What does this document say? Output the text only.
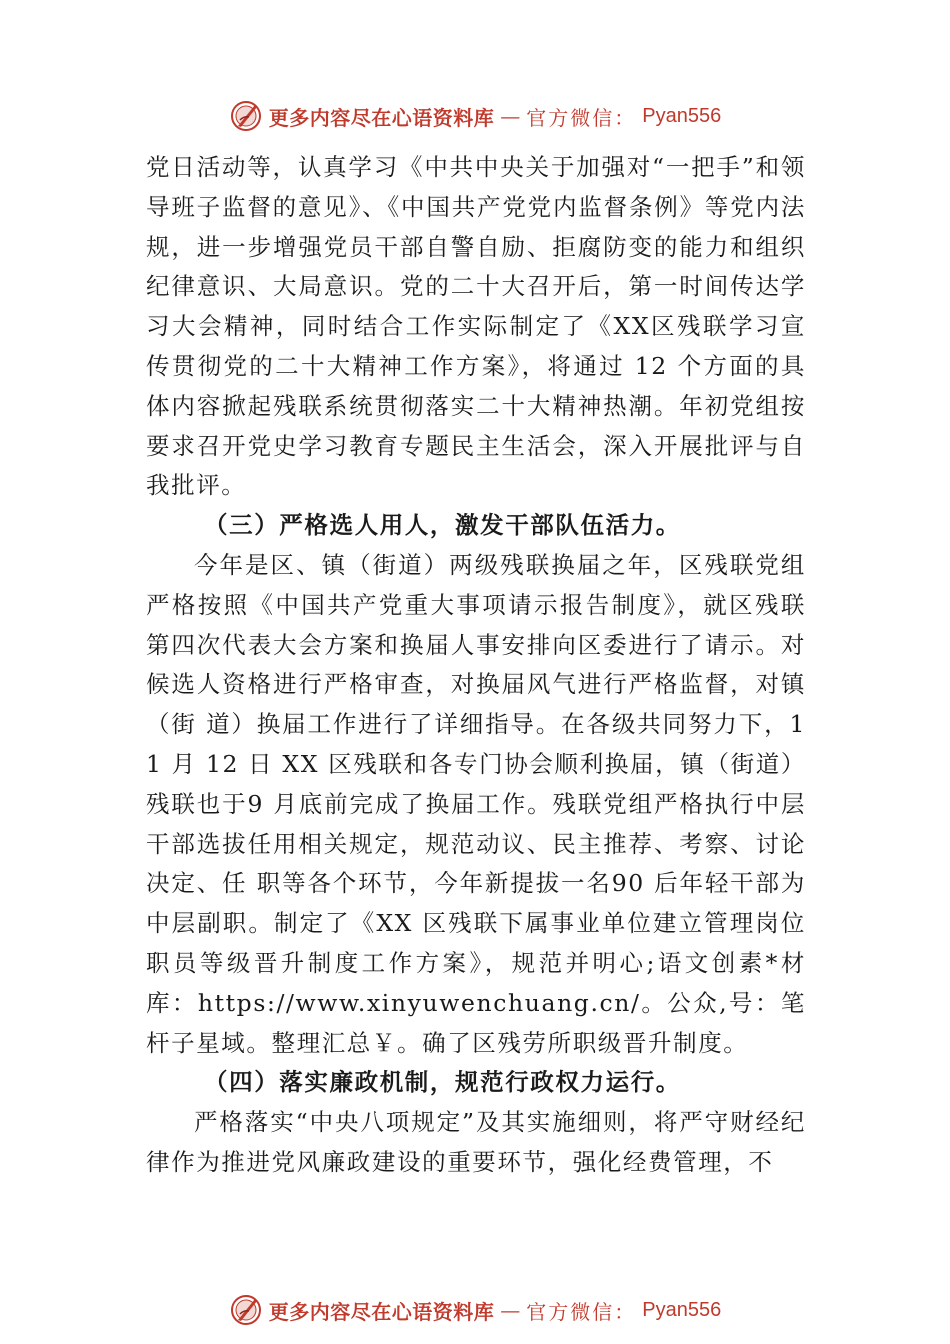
更多内容尽在心语资料库 — 官方微信： Pyan556

党日活动等，认真学习《中共中央关于加强对“一把手”和领导班子监督的意见》、《中国共产党党内监督条例》等党内法规，进一步增强党员干部自警自励、拒腐防变的能力和组织纪律意识、大局意识。党的二十大召开后，第一时间传达学习大会精神，同时结合工作实际制定了《XX区残联学习宣传贯彻党的二十大精神工作方案》，将通过 12 个方面的具体内容掀起残联系统贯彻落实二十大精神热潮。年初党组按要求召开党史学习教育专题民主生活会，深入开展批评与自我批评。

（三）严格选人用人，激发干部队伍活力。

今年是区、镇（街道）两级残联换届之年，区残联党组严格按照《中国共产党重大事项请示报告制度》，就区残联第四次代表大会方案和换届人事安排向区委进行了请示。对候选人资格进行严格审查，对换届风气进行严格监督，对镇（街 道）换届工作进行了详细指导。在各级共同努力下，11 月 12 日 XX 区残联和各专门协会顺利换届，镇（街道）残联也于9 月底前完成了换届工作。残联党组严格执行中层干部选拔任用相关规定，规范动议、民主推荐、考察、讨论决定、任 职等各个环节，今年新提拔一名90 后年轻干部为中层副职。制定了《XX 区残联下属事业单位建立管理岗位职员等级晋升制度工作方案》，规范并明心;语文创素*材库：https://www.xinyuwenchuang.cn/。公众,号：笔杆子星域。整理汇总￥。确了区残劳所职级晋升制度。

（四）落实廉政机制，规范行政权力运行。

严格落实“中央八项规定”及其实施细则，将严守财经纪律作为推进党风廉政建设的重要环节，强化经费管理，不

更多内容尽在心语资料库 — 官方微信： Pyan556
